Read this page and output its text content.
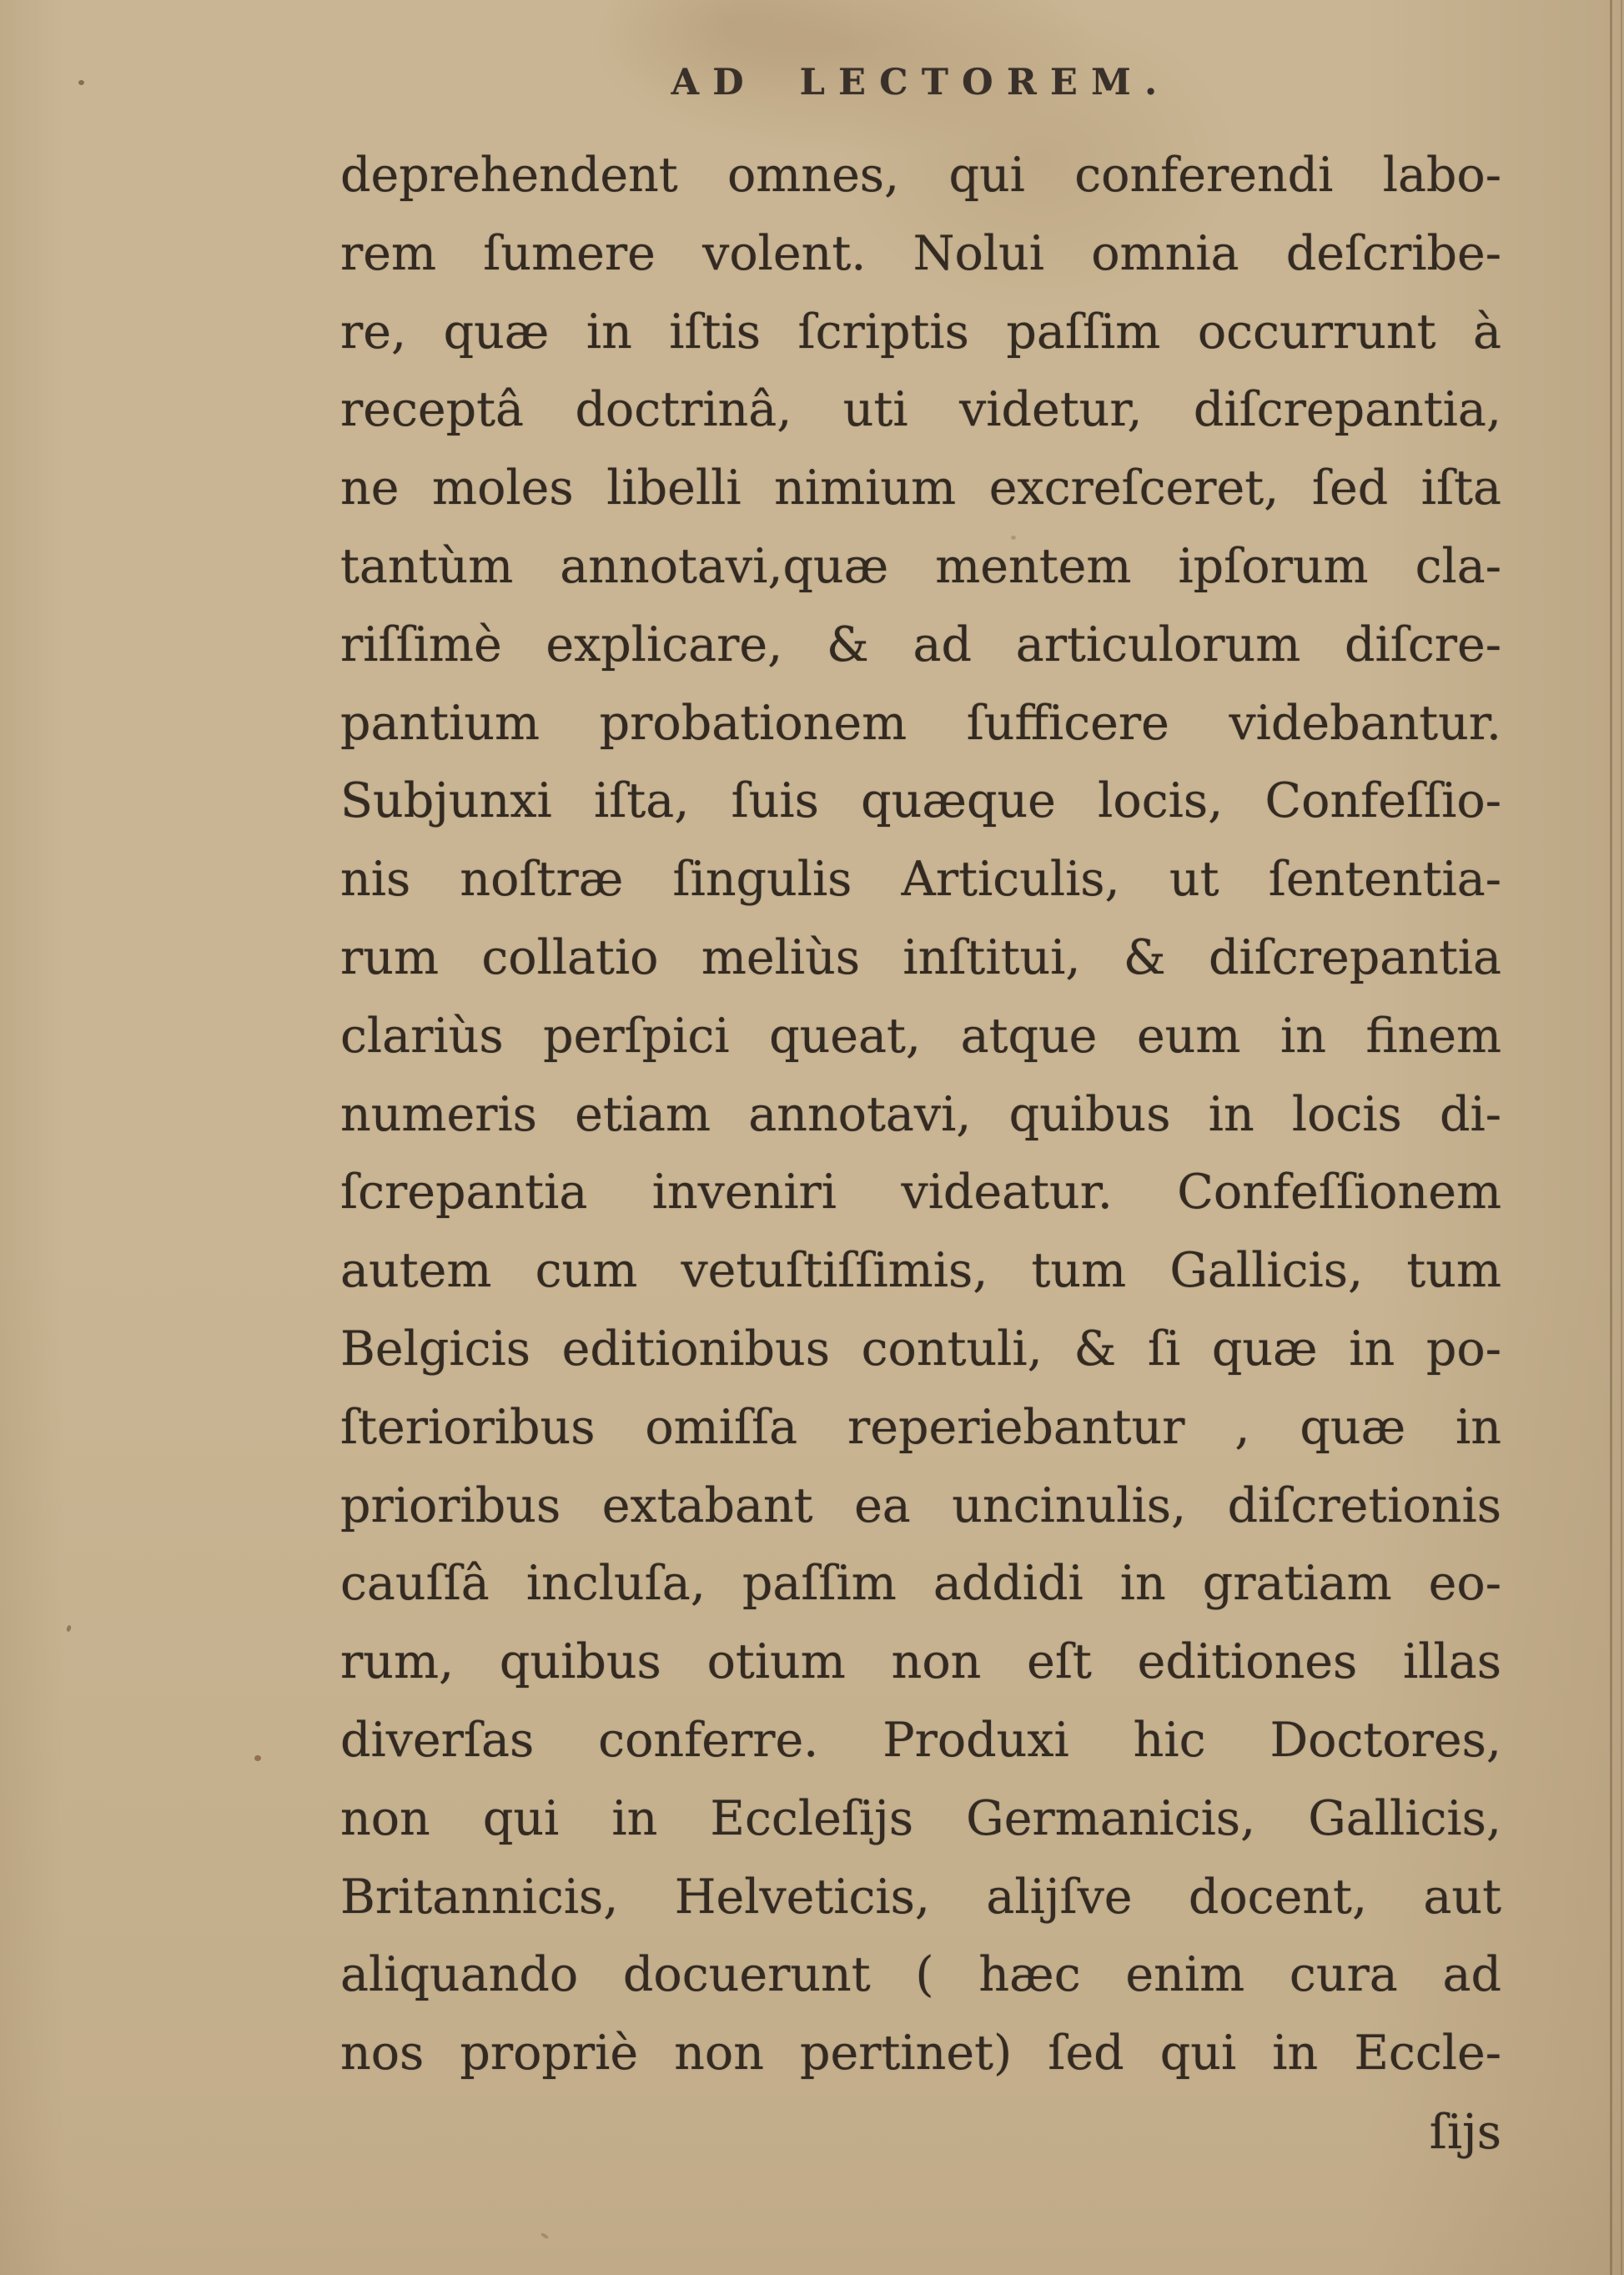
AD LECTOREM.
deprehendent omnes, qui conferendi labo-
rem ſumere volent. Nolui omnia deſcribe-
re, quæ in iſtis ſcriptis paſſim occurrunt à
receptâ doctrinâ, uti videtur, diſcrepantia,
ne moles libelli nimium excreſceret, ſed iſta
tantùm annotavi,quæ mentem ipſorum cla-
riſſimè explicare, & ad articulorum diſcre-
pantium probationem ſufficere videbantur.
Subjunxi iſta, ſuis quæque locis, Confeſſio-
nis noſtræ ſingulis Articulis, ut ſententia-
rum collatio meliùs inſtitui, & diſcrepantia
clariùs perſpici queat, atque eum in finem
numeris etiam annotavi, quibus in locis di-
ſcrepantia inveniri videatur. Confeſſionem
autem cum vetuſtiſſimis, tum Gallicis, tum
Belgicis editionibus contuli, & ſi quæ in po-
ſterioribus omiſſa reperiebantur , quæ in
prioribus extabant ea uncinulis, diſcretionis
cauſſâ incluſa, paſſim addidi in gratiam eo-
rum, quibus otium non eſt editiones illas
diverſas conferre. Produxi hic Doctores,
non qui in Eccleſijs Germanicis, Gallicis,
Britannicis, Helveticis, alijſve docent, aut
aliquando docuerunt ( hæc enim cura ad
nos propriè non pertinet) ſed qui in Eccle-
ſijs
